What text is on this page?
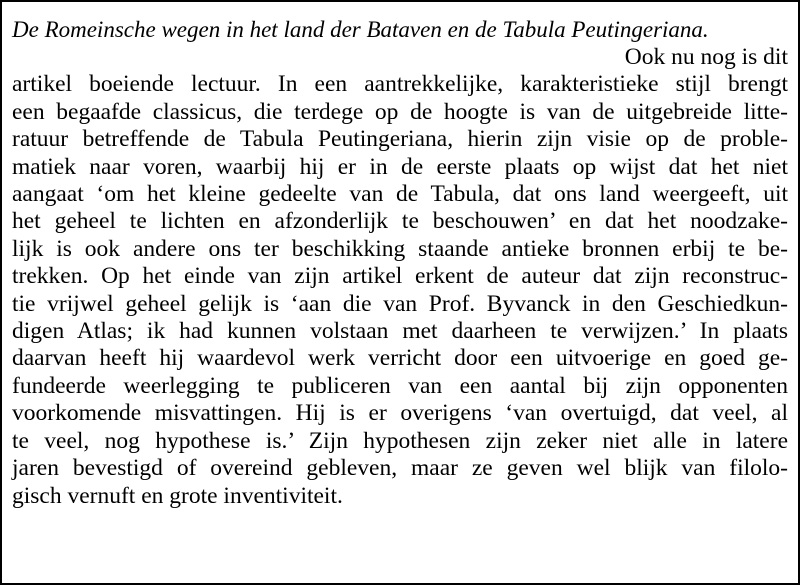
De Romeinsche wegen in het land der Bataven en de Tabula Peutingeriana.
Ook nu nog is dit
artikel boeiende lectuur. In een aantrekkelijke, karakteristieke stijl brengt
een begaafde classicus, die terdege op de hoogte is van de uitgebreide litte-
ratuur betreffende de Tabula Peutingeriana, hierin zijn visie op de proble-
matiek naar voren, waarbij hij er in de eerste plaats op wijst dat het niet
aangaat ‘om het kleine gedeelte van de Tabula, dat ons land weergeeft, uit
het geheel te lichten en afzonderlijk te beschouwen’ en dat het noodzake-
lijk is ook andere ons ter beschikking staande antieke bronnen erbij te be-
trekken. Op het einde van zijn artikel erkent de auteur dat zijn reconstruc-
tie vrijwel geheel gelijk is ‘aan die van Prof. Byvanck in den Geschiedkun-
digen Atlas; ik had kunnen volstaan met daarheen te verwijzen.’ In plaats
daarvan heeft hij waardevol werk verricht door een uitvoerige en goed ge-
fundeerde weerlegging te publiceren van een aantal bij zijn opponenten
voorkomende misvattingen. Hij is er overigens ‘van overtuigd, dat veel, al
te veel, nog hypothese is.’ Zijn hypothesen zijn zeker niet alle in latere
jaren bevestigd of overeind gebleven, maar ze geven wel blijk van filolo-
gisch vernuft en grote inventiviteit.
